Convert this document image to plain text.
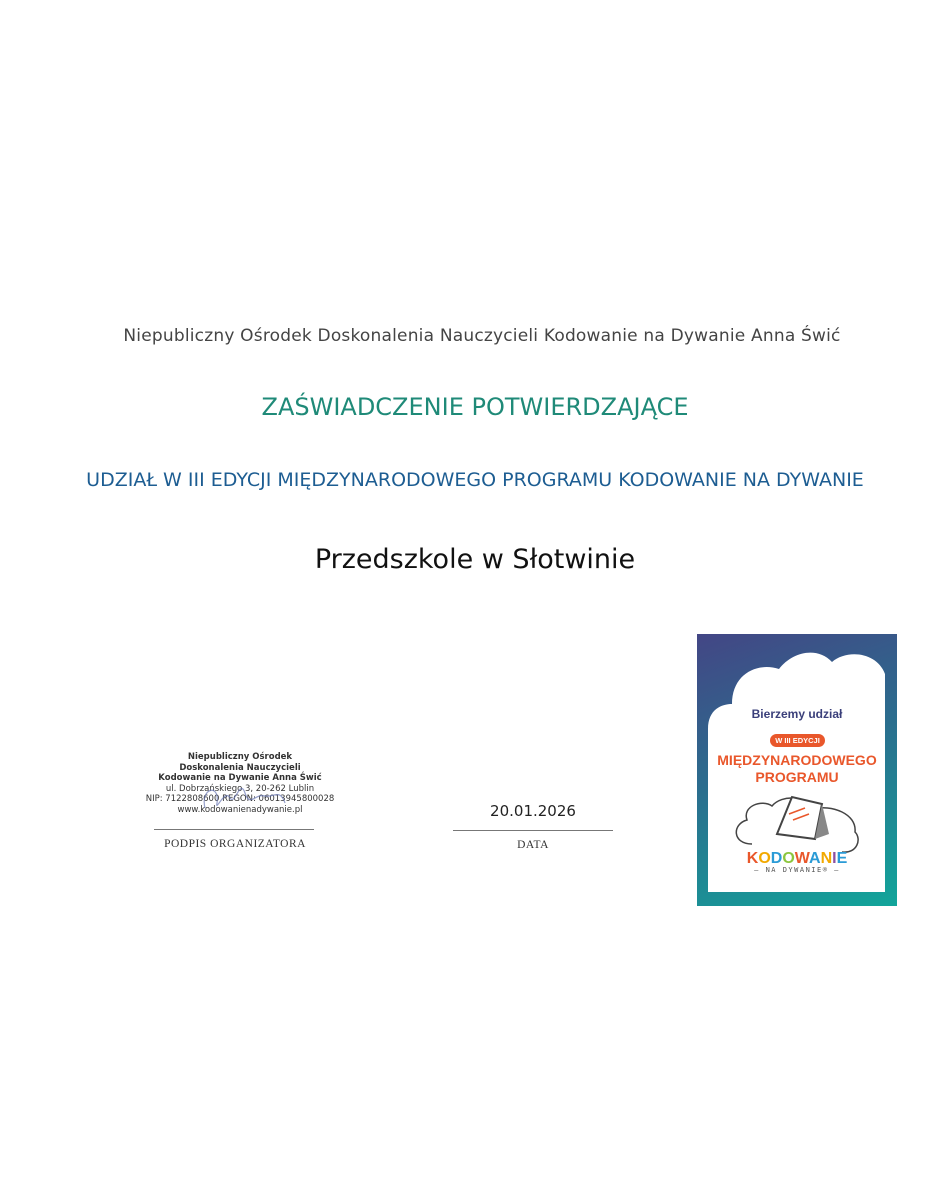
Niepubliczny Ośrodek Doskonalenia Nauczycieli Kodowanie na Dywanie Anna Świć
ZAŚWIADCZENIE POTWIERDZAJĄCE
UDZIAŁ W III EDYCJI MIĘDZYNARODOWEGO PROGRAMU KODOWANIE NA DYWANIE
Przedszkole w Słotwinie
Niepubliczny Ośrodek
Doskonalenia Nauczycieli
Kodowanie na Dywanie Anna Świć
ul. Dobrzańskiego 3, 20-262 Lublin
NIP: 7122808600 REGON: 06013945800028
www.kodowanienadywanie.pl
PODPIS ORGANIZATORA
20.01.2026
DATA
KODOWANIE
Bierzemy udział
W III EDYCJI
MIĘDZYNARODOWEGO
PROGRAMU
– NA DYWANIE® –
